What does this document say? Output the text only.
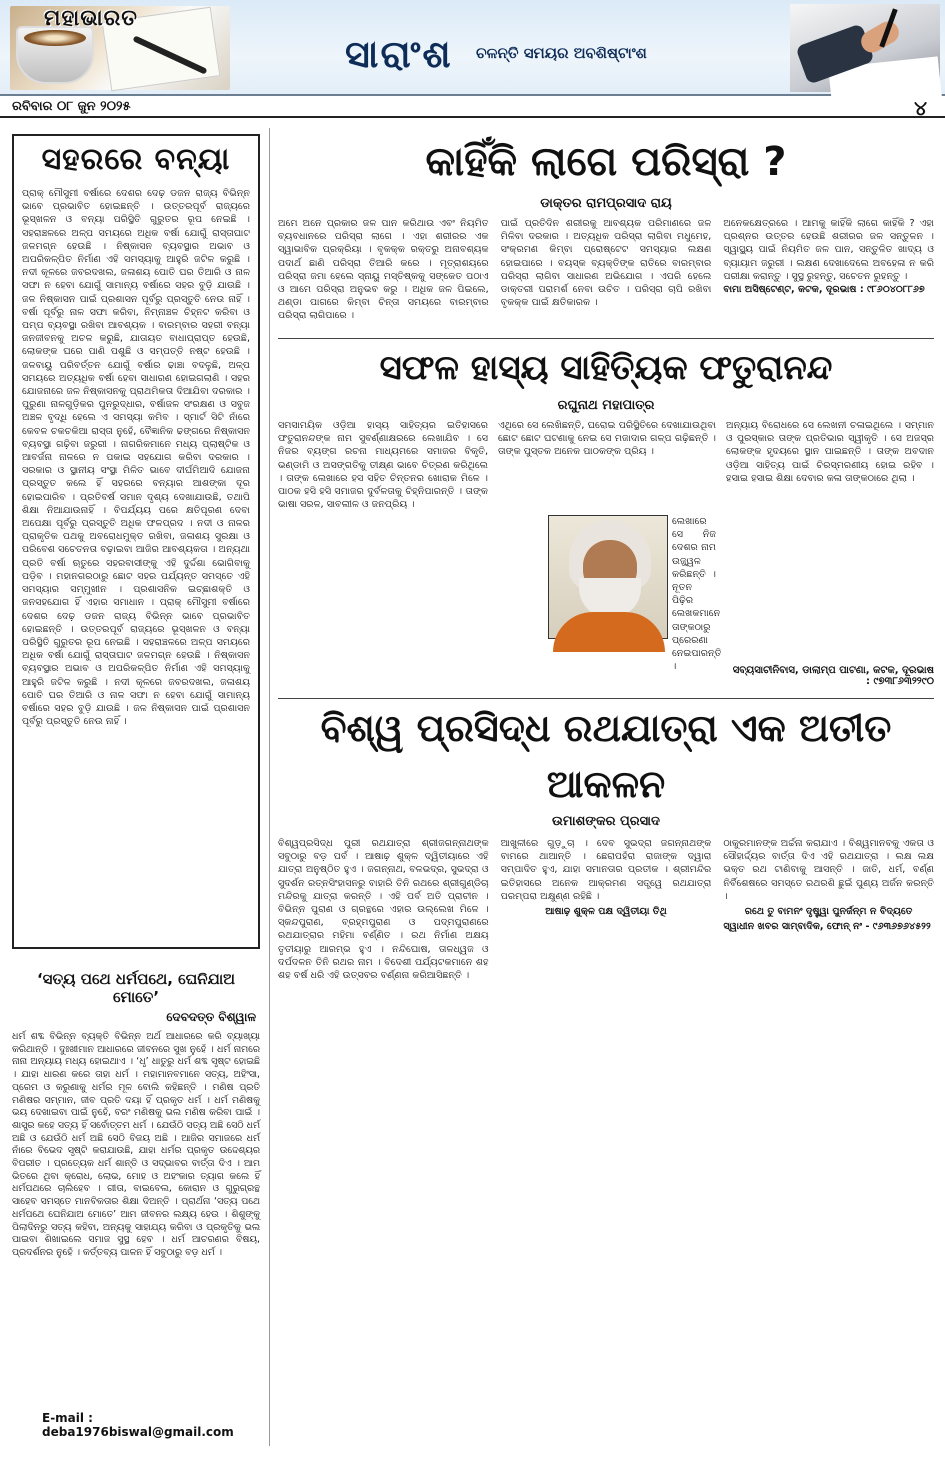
ମହାଭାରତ
ସାରାଂଶ ଚଳନ୍ତି ସମୟର ଅବଶିଷ୍ଟାଂଶ
ରବିବାର ୦୮ ଜୁନ ୨୦୨୫	୪
ସହରରେ ବନ୍ୟା
ପ୍ରାକ୍ ମୌସୁମୀ ବର୍ଷାରେ ଦେଶର ଦେଢ଼ ଡଜନ ରାଜ୍ୟ ବିଭିନ୍ନ ଭାବେ ପ୍ରଭାବିତ ହୋଇଛନ୍ତି । ଉତ୍ତରପୂର୍ବ ରାଜ୍ୟରେ ଭୂସ୍ଖଳନ ଓ ବନ୍ୟା ପରିସ୍ଥିତି ଗୁରୁତର ରୂପ ନେଇଛି । ସହରାଞ୍ଚଳରେ ଅଳ୍ପ ସମୟରେ ଅଧିକ ବର୍ଷା ଯୋଗୁଁ ରାସ୍ତାଘାଟ ଜଳମଗ୍ନ ହେଉଛି । ନିଷ୍କାସନ ବ୍ୟବସ୍ଥାର ଅଭାବ ଓ ଅପରିକଳ୍ପିତ ନିର୍ମାଣ ଏହି ସମସ୍ୟାକୁ ଆହୁରି ଜଟିଳ କରୁଛି । ନଦୀ କୂଳରେ ଜବରଦଖଲ, ଜଳାଶୟ ପୋତି ଘର ତିଆରି ଓ ନାଳ ସଫା ନ ହେବା ଯୋଗୁଁ ସାମାନ୍ୟ ବର୍ଷାରେ ସହର ବୁଡ଼ି ଯାଉଛି । ଜଳ ନିଷ୍କାସନ ପାଇଁ ପ୍ରଶାସନ ପୂର୍ବରୁ ପ୍ରସ୍ତୁତି ନେଉ ନାହିଁ । ବର୍ଷା ପୂର୍ବରୁ ନାଳ ସଫା କରିବା, ନିମ୍ନାଞ୍ଚଳ ଚିହ୍ନଟ କରିବା ଓ ପମ୍ପ ବ୍ୟବସ୍ଥା ରଖିବା ଆବଶ୍ୟକ । ବାରମ୍ବାର ସହରୀ ବନ୍ୟା ଜନଜୀବନକୁ ଅଚଳ କରୁଛି, ଯାତାୟତ ବାଧାପ୍ରାପ୍ତ ହେଉଛି, ଲୋକଙ୍କ ଘରେ ପାଣି ପଶୁଛି ଓ ସମ୍ପତ୍ତି ନଷ୍ଟ ହେଉଛି । ଜଳବାୟୁ ପରିବର୍ତ୍ତନ ଯୋଗୁଁ ବର୍ଷାର ଢାଞ୍ଚା ବଦଳୁଛି, ଅଳ୍ପ ସମୟରେ ଅତ୍ୟଧିକ ବର୍ଷା ହେବା ସାଧାରଣ ହୋଇଗଲାଣି । ସହର ଯୋଜନାରେ ଜଳ ନିଷ୍କାସନକୁ ପ୍ରାଥମିକତା ଦିଆଯିବା ଦରକାର । ପୁରୁଣା ନାଳଗୁଡ଼ିକର ପୁନରୁଦ୍ଧାର, ବର୍ଷାଜଳ ସଂରକ୍ଷଣ ଓ ସବୁଜ ଅଞ୍ଚଳ ବୃଦ୍ଧି ହେଲେ ଏ ସମସ୍ୟା କମିବ । ସ୍ମାର୍ଟ ସିଟି ନାଁରେ କେବଳ ଚକଚକିଆ ରାସ୍ତା ନୁହେଁ, ବୈଜ୍ଞାନିକ ଢଙ୍ଗରେ ନିଷ୍କାସନ ବ୍ୟବସ୍ଥା ଗଢ଼ିବା ଜରୁରୀ । ନାଗରିକମାନେ ମଧ୍ୟ ପ୍ଲାଷ୍ଟିକ ଓ ଆବର୍ଜନା ନାଳରେ ନ ପକାଇ ସହଯୋଗ କରିବା ଦରକାର । ସରକାର ଓ ସ୍ଥାନୀୟ ସଂସ୍ଥା ମିଳିତ ଭାବେ ଦୀର୍ଘମିଆଦି ଯୋଜନା ପ୍ରସ୍ତୁତ କଲେ ହିଁ ସହରରେ ବନ୍ୟାର ଆଶଙ୍କା ଦୂର ହୋଇପାରିବ । ପ୍ରତିବର୍ଷ ସମାନ ଦୃଶ୍ୟ ଦେଖାଯାଉଛି, ତଥାପି ଶିକ୍ଷା ନିଆଯାଉନାହିଁ । ବିପର୍ଯ୍ୟୟ ପରେ କ୍ଷତିପୂରଣ ଦେବା ଅପେକ୍ଷା ପୂର୍ବରୁ ପ୍ରସ୍ତୁତି ଅଧିକ ଫଳପ୍ରଦ । ନଦୀ ଓ ନାଳର ପ୍ରାକୃତିକ ପଥକୁ ଅବରୋଧମୁକ୍ତ ରଖିବା, ଜଳାଶୟ ସୁରକ୍ଷା ଓ ପରିବେଶ ସଚେତନତା ବଢ଼ାଇବା ଆଜିର ଆବଶ୍ୟକତା । ଅନ୍ୟଥା ପ୍ରତି ବର୍ଷା ଋତୁରେ ସହରବାସୀଙ୍କୁ ଏହି ଦୁର୍ଦ୍ଦଶା ଭୋଗିବାକୁ ପଡ଼ିବ । ମହାନଗରଠାରୁ ଛୋଟ ସହର ପର୍ଯ୍ୟନ୍ତ ସମସ୍ତେ ଏହି ସମସ୍ୟାର ସମ୍ମୁଖୀନ । ପ୍ରଶାସନିକ ଇଚ୍ଛାଶକ୍ତି ଓ ଜନସହଯୋଗ ହିଁ ଏହାର ସମାଧାନ । ପ୍ରାକ୍ ମୌସୁମୀ ବର୍ଷାରେ ଦେଶର ଦେଢ଼ ଡଜନ ରାଜ୍ୟ ବିଭିନ୍ନ ଭାବେ ପ୍ରଭାବିତ ହୋଇଛନ୍ତି । ଉତ୍ତରପୂର୍ବ ରାଜ୍ୟରେ ଭୂସ୍ଖଳନ ଓ ବନ୍ୟା ପରିସ୍ଥିତି ଗୁରୁତର ରୂପ ନେଇଛି । ସହରାଞ୍ଚଳରେ ଅଳ୍ପ ସମୟରେ ଅଧିକ ବର୍ଷା ଯୋଗୁଁ ରାସ୍ତାଘାଟ ଜଳମଗ୍ନ ହେଉଛି । ନିଷ୍କାସନ ବ୍ୟବସ୍ଥାର ଅଭାବ ଓ ଅପରିକଳ୍ପିତ ନିର୍ମାଣ ଏହି ସମସ୍ୟାକୁ ଆହୁରି ଜଟିଳ କରୁଛି । ନଦୀ କୂଳରେ ଜବରଦଖଲ, ଜଳାଶୟ ପୋତି ଘର ତିଆରି ଓ ନାଳ ସଫା ନ ହେବା ଯୋଗୁଁ ସାମାନ୍ୟ ବର୍ଷାରେ ସହର ବୁଡ଼ି ଯାଉଛି । ଜଳ ନିଷ୍କାସନ ପାଇଁ ପ୍ରଶାସନ ପୂର୍ବରୁ ପ୍ରସ୍ତୁତି ନେଉ ନାହିଁ ।
‘ସତ୍ୟ ପଥେ ଧର୍ମପଥେ, ଘେନିଯାଅ ମୋତେ’
ଦେବଦତ୍ତ ବିଶ୍ୱାଳ
ଧର୍ମ ଶବ୍ଦ ବିଭିନ୍ନ ବ୍ୟକ୍ତି ବିଭିନ୍ନ ଅର୍ଥ ଆଧାରରେ କରି ବ୍ୟାଖ୍ୟା କରିଥାନ୍ତି । ଦୁଃଖୀମାନ ଆଧାରରେ ଜୀବନରେ ସୁଖ ନୁହେଁ । ଧର୍ମ ନାମରେ ନାନା ଅନ୍ୟାୟ ମଧ୍ୟ ହୋଇଥାଏ । ‘ଧୃ’ ଧାତୁରୁ ଧର୍ମ ଶବ୍ଦ ସୃଷ୍ଟ ହୋଇଛି । ଯାହା ଧାରଣ କରେ ତାହା ଧର୍ମ । ମହାମାନବମାନେ ସତ୍ୟ, ଅହିଂସା, ପ୍ରେମ ଓ କରୁଣାକୁ ଧର୍ମର ମୂଳ ବୋଲି କହିଛନ୍ତି । ମଣିଷ ପ୍ରତି ମଣିଷର ସମ୍ମାନ, ଜୀବ ପ୍ରତି ଦୟା ହିଁ ପ୍ରକୃତ ଧର୍ମ । ଧର୍ମ ମଣିଷକୁ ଭୟ ଦେଖାଇବା ପାଇଁ ନୁହେଁ, ବରଂ ମଣିଷକୁ ଭଲ ମଣିଷ କରିବା ପାଇଁ । ଶାସ୍ତ୍ର କହେ ସତ୍ୟ ହିଁ ସର୍ବୋତ୍ତମ ଧର୍ମ । ଯେଉଁଠି ସତ୍ୟ ଅଛି ସେଠି ଧର୍ମ ଅଛି ଓ ଯେଉଁଠି ଧର୍ମ ଅଛି ସେଠି ବିଜୟ ଅଛି । ଆଜିର ସମାଜରେ ଧର୍ମ ନାଁରେ ବିଭେଦ ସୃଷ୍ଟି କରାଯାଉଛି, ଯାହା ଧର୍ମର ପ୍ରକୃତ ଉଦ୍ଦେଶ୍ୟର ବିପରୀତ । ପ୍ରତ୍ୟେକ ଧର୍ମ ଶାନ୍ତି ଓ ସଦ୍ଭାବର ବାର୍ତ୍ତା ଦିଏ । ଆମ ଭିତରେ ଥିବା କ୍ରୋଧ, ଲୋଭ, ମୋହ ଓ ଅହଂକାର ତ୍ୟାଗ କଲେ ହିଁ ଧର୍ମପଥରେ ଚାଲିହେବ । ଗୀତା, ବାଇବେଲ, କୋରାନ ଓ ଗୁରୁଗ୍ରନ୍ଥ ସାହେବ ସମସ୍ତେ ମାନବିକତାର ଶିକ୍ଷା ଦିଅନ୍ତି । ପ୍ରାର୍ଥନା ‘ସତ୍ୟ ପଥେ ଧର୍ମପଥେ ଘେନିଯାଅ ମୋତେ’ ଆମ ଜୀବନର ଲକ୍ଷ୍ୟ ହେଉ । ଶିଶୁଙ୍କୁ ପିଲାଦିନରୁ ସତ୍ୟ କହିବା, ଅନ୍ୟକୁ ସାହାଯ୍ୟ କରିବା ଓ ପ୍ରକୃତିକୁ ଭଲ ପାଇବା ଶିଖାଇଲେ ସମାଜ ସୁସ୍ଥ ହେବ । ଧର୍ମ ଆଚରଣର ବିଷୟ, ପ୍ରଦର୍ଶନର ନୁହେଁ । କର୍ତ୍ତବ୍ୟ ପାଳନ ହିଁ ସବୁଠାରୁ ବଡ଼ ଧର୍ମ ।
E-mail : deba1976biswal@gmail.com
କାହିଁକି ଲାଗେ ପରିସ୍ରା ?
ଡାକ୍ତର ରାମପ୍ରସାଦ ରାୟ
ଅମେ ଅନେ ପ୍ରକାର ଜଳ ପାନ କରିଥାଉ ଏବଂ ନିୟମିତ ବ୍ୟବଧାନରେ ପରିସ୍ରା ଲାଗେ । ଏହା ଶରୀରର ଏକ ସ୍ୱାଭାବିକ ପ୍ରକ୍ରିୟା । ବୃକକ୍କ ରକ୍ତରୁ ଅନାବଶ୍ୟକ ପଦାର୍ଥ ଛାଣି ପରିସ୍ରା ତିଆରି କରେ । ମୂତ୍ରାଶୟରେ ପରିସ୍ରା ଜମା ହେଲେ ସ୍ନାୟୁ ମସ୍ତିଷ୍କକୁ ସଙ୍କେତ ପଠାଏ ଓ ଆମେ ପରିସ୍ରା ଅନୁଭବ କରୁ । ଅଧିକ ଜଳ ପିଇଲେ, ଥଣ୍ଡା ପାଗରେ କିମ୍ବା ଚିନ୍ତା ସମୟରେ ବାରମ୍ବାର ପରିସ୍ରା ଲାଗିପାରେ ।
ପାଇଁ ପ୍ରତିଦିନ ଶରୀରକୁ ଆବଶ୍ୟକ ପରିମାଣରେ ଜଳ ମିଳିବା ଦରକାର । ଅତ୍ୟଧିକ ପରିସ୍ରା ଲାଗିବା ମଧୁମେହ, ସଂକ୍ରମଣ କିମ୍ବା ପ୍ରୋଷ୍ଟେଟ ସମସ୍ୟାର ଲକ୍ଷଣ ହୋଇପାରେ । ବୟସ୍କ ବ୍ୟକ୍ତିଙ୍କ ରାତିରେ ବାରମ୍ବାର ପରିସ୍ରା ଲାଗିବା ସାଧାରଣ ଅଭିଯୋଗ । ଏପରି ହେଲେ ଡାକ୍ତରୀ ପରାମର୍ଶ ନେବା ଉଚିତ । ପରିସ୍ରା ଚାପି ରଖିବା ବୃକକ୍କ ପାଇଁ କ୍ଷତିକାରକ ।
ଅନେକକ୍ଷେତ୍ରରେ । ଆମକୁ କାହିଁକି ଲାଗେ କାହିଁକି ? ଏହା ପ୍ରଶ୍ନର ଉତ୍ତର ହେଉଛି ଶରୀରର ଜଳ ସନ୍ତୁଳନ । ସ୍ୱାସ୍ଥ୍ୟ ପାଇଁ ନିୟମିତ ଜଳ ପାନ, ସନ୍ତୁଳିତ ଖାଦ୍ୟ ଓ ବ୍ୟାୟାମ ଜରୁରୀ । ଲକ୍ଷଣ ଦେଖାଦେଲେ ଅବହେଳା ନ କରି ପରୀକ୍ଷା କରାନ୍ତୁ । ସୁସ୍ଥ ରୁହନ୍ତୁ, ସଚେତନ ରୁହନ୍ତୁ ।
ବାମା ଅସିଷ୍ଟେଣ୍ଟ, କଟକ, ଦୂରଭାଷ : ୯୮୬୦୪୦୮୮୬୭
ସଫଳ ହାସ୍ୟ ସାହିତ୍ୟିକ ଫତୁରାନନ୍ଦ
ରଘୁନାଥ ମହାପାତ୍ର
ସମସାମୟିକ ଓଡ଼ିଆ ହାସ୍ୟ ସାହିତ୍ୟର ଇତିହାସରେ ଫତୁରାନନ୍ଦଙ୍କ ନାମ ସୁବର୍ଣ୍ଣାକ୍ଷରରେ ଲେଖାଯିବ । ସେ ନିଜର ବ୍ୟଙ୍ଗ ରଚନା ମାଧ୍ୟମରେ ସମାଜର ବିକୃତି, ଭଣ୍ଡାମି ଓ ଅସଙ୍ଗତିକୁ ତୀକ୍ଷ୍ଣ ଭାବେ ଚିତ୍ରଣ କରିଥିଲେ । ତାଙ୍କ ଲେଖାରେ ହସ ସହିତ ଚିନ୍ତନର ଖୋରାକ ମିଳେ । ପାଠକ ହସି ହସି ସମାଜର ଦୁର୍ବଳତାକୁ ଚିହ୍ନିପାରନ୍ତି । ତାଙ୍କ ଭାଷା ସରଳ, ସାବଲୀଳ ଓ ଜନପ୍ରିୟ ।
ଏଥିରେ ସେ ଲେଖିଛନ୍ତି, ଘରୋଇ ପରିସ୍ଥିତିରେ ଦେଖାଯାଉଥିବା ଛୋଟ ଛୋଟ ଘଟଣାକୁ ନେଇ ସେ ମଜାଦାର ଗଳ୍ପ ଗଢ଼ିଛନ୍ତି । ତାଙ୍କ ପୁସ୍ତକ ଅନେକ ପାଠକଙ୍କ ପ୍ରିୟ ।
ଲେଖାରେ ସେ ନିଜ ଦେଶର ନାମ ଉଜ୍ଜ୍ୱଳ କରିଛନ୍ତି । ନୂତନ ପିଢ଼ିର ଲେଖକମାନେ ତାଙ୍କଠାରୁ ପ୍ରେରଣା ନେଇପାରନ୍ତି ।
ଅନ୍ୟାୟ ବିରୋଧରେ ସେ ଲେଖନୀ ଚଳାଇଥିଲେ । ସମ୍ମାନ ଓ ପୁରସ୍କାର ତାଙ୍କ ପ୍ରତିଭାର ସ୍ୱୀକୃତି । ସେ ଅଜସ୍ର ଲୋକଙ୍କ ହୃଦୟରେ ସ୍ଥାନ ପାଇଛନ୍ତି । ତାଙ୍କ ଅବଦାନ ଓଡ଼ିଆ ସାହିତ୍ୟ ପାଇଁ ଚିରସ୍ମରଣୀୟ ହୋଇ ରହିବ । ହସାଇ ହସାଇ ଶିକ୍ଷା ଦେବାର କଳା ତାଙ୍କଠାରେ ଥିଲା ।
ସବ୍ୟସାଚୀନିବାସ, ଡାଲାମ୍ପ ପାଟଣା, କଟକ, ଦୂରଭାଷ : ୯୭୩୮୬୩୨୨୯୦
ବିଶ୍ୱ ପ୍ରସିଦ୍ଧ ରଥଯାତ୍ରା ଏକ ଅତୀତ ଆକଳନ
ଉମାଶଙ୍କର ପ୍ରସାଦ
ବିଶ୍ୱପ୍ରସିଦ୍ଧ ପୁରୀ ରଥଯାତ୍ରା ଶ୍ରୀଜଗନ୍ନାଥଙ୍କ ସବୁଠାରୁ ବଡ଼ ପର୍ବ । ଆଷାଢ଼ ଶୁକ୍ଳ ଦ୍ୱିତୀୟାରେ ଏହି ଯାତ୍ରା ଅନୁଷ୍ଠିତ ହୁଏ । ଜଗନ୍ନାଥ, ବଳଭଦ୍ର, ସୁଭଦ୍ରା ଓ ସୁଦର୍ଶନ ରତ୍ନସିଂହାସନରୁ ବାହାରି ତିନି ରଥରେ ଶ୍ରୀଗୁଣ୍ଡିଚା ମନ୍ଦିରକୁ ଯାତ୍ରା କରନ୍ତି । ଏହି ପର୍ବ ଅତି ପ୍ରାଚୀନ । ବିଭିନ୍ନ ପୁରାଣ ଓ ଗ୍ରନ୍ଥରେ ଏହାର ଉଲ୍ଲେଖ ମିଳେ । ସ୍କନ୍ଦପୁରାଣ, ବ୍ରହ୍ମପୁରାଣ ଓ ପଦ୍ମପୁରାଣରେ ରଥଯାତ୍ରାର ମହିମା ବର୍ଣ୍ଣିତ । ରଥ ନିର୍ମାଣ ଅକ୍ଷୟ ତୃତୀୟାରୁ ଆରମ୍ଭ ହୁଏ । ନନ୍ଦିଘୋଷ, ତାଳଧ୍ୱଜ ଓ ଦର୍ପଦଳନ ତିନି ରଥର ନାମ । ବିଦେଶୀ ପର୍ଯ୍ୟଟକମାନେ ଶହ ଶହ ବର୍ଷ ଧରି ଏହି ଉତ୍ସବର ବର୍ଣ୍ଣନା କରିଆସିଛନ୍ତି ।
ଆଖୁଳୀରେ ଗୁଡ଼ୁଚା । ଦେବ ସୁଭଦ୍ରା ଜଗନ୍ନାଥଙ୍କ ବାମରେ ଥାଆନ୍ତି । ଛେରାପହଁରା ରାଜାଙ୍କ ଦ୍ୱାରା ସମ୍ପାଦିତ ହୁଏ, ଯାହା ସମାନତାର ପ୍ରତୀକ । ଶ୍ରୀମନ୍ଦିର ଇତିହାସରେ ଅନେକ ଆକ୍ରମଣ ସତ୍ତ୍ୱେ ରଥଯାତ୍ରା ପରମ୍ପରା ଅକ୍ଷୁଣ୍ଣ ରହିଛି ।
ଆଷାଢ଼ ଶୁକ୍ଳ ପକ୍ଷ ଦ୍ୱିତୀୟା ତିଥି
ଠାକୁରମାନଙ୍କ ଅର୍ଚ୍ଚନା କରାଯାଏ । ବିଶ୍ୱମାନବକୁ ଏକତା ଓ ସୌହାର୍ଦ୍ଦ୍ୟର ବାର୍ତ୍ତା ଦିଏ ଏହି ରଥଯାତ୍ରା । ଲକ୍ଷ ଲକ୍ଷ ଭକ୍ତ ରଥ ଟାଣିବାକୁ ଆସନ୍ତି । ଜାତି, ଧର୍ମ, ବର୍ଣ୍ଣ ନିର୍ବିଶେଷରେ ସମସ୍ତେ ରଥରଶି ଛୁଇଁ ପୁଣ୍ୟ ଅର୍ଜନ କରନ୍ତି ।
ରଥେ ତୁ ବାମନଂ ଦୃଷ୍ଟ୍ୱା ପୁନର୍ଜନ୍ମ ନ ବିଦ୍ୟତେ
ସ୍ୱାଧୀନ ଖବର ସାମ୍ବାଦିକ, ଫୋନ୍ ନଂ - ୯୬୩୬୭୬୪୫୨୨
